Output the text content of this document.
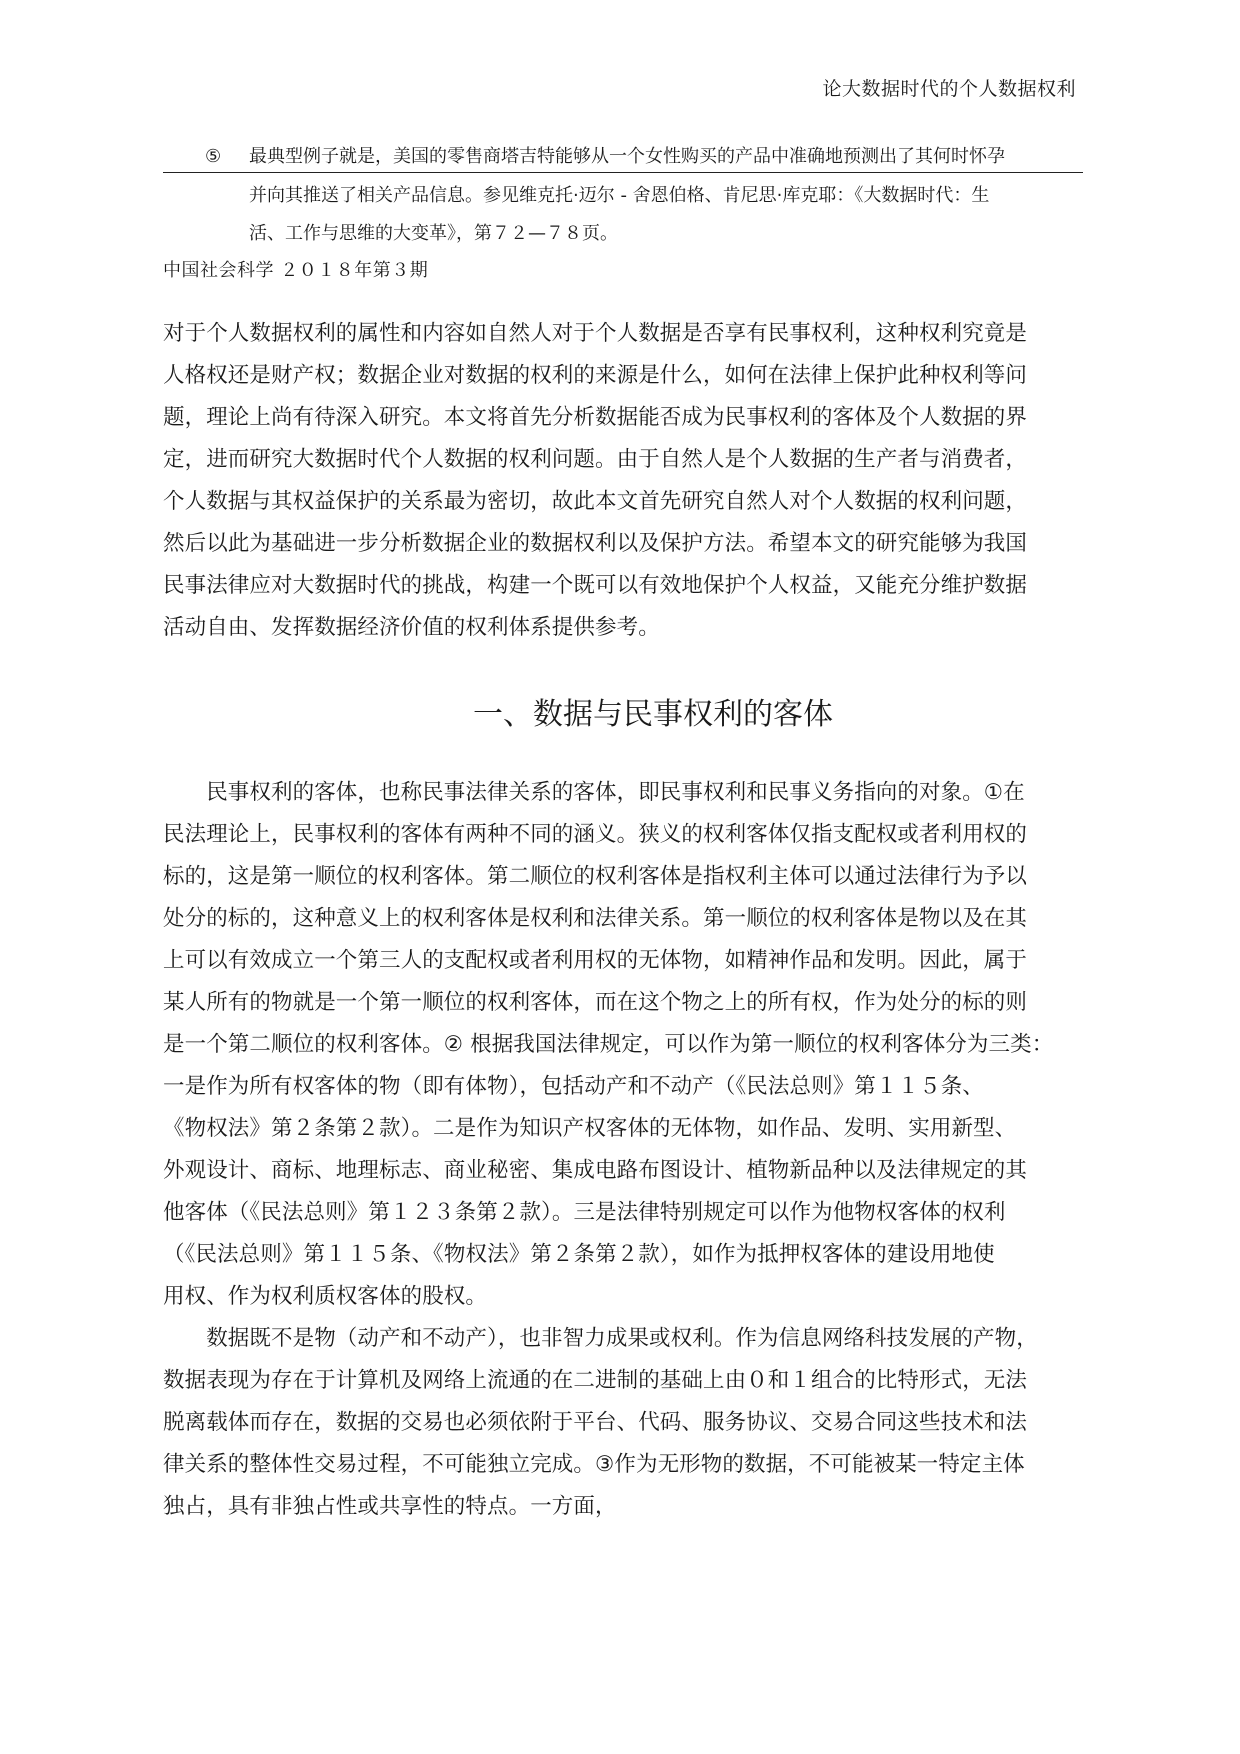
论大数据时代的个人数据权利
⑤ 最典型例子就是，美国的零售商塔吉特能够从一个女性购买的产品中准确地预测出了其何时怀孕
并向其推送了相关产品信息。参见维克托·迈尔 - 舍恩伯格、肯尼思·库克耶：《大数据时代：生
活、工作与思维的大变革》，第７２—７８页。
中国社会科学 ２０１８年第３期
对于个人数据权利的属性和内容如自然人对于个人数据是否享有民事权利，这种权利究竟是
人格权还是财产权；数据企业对数据的权利的来源是什么，如何在法律上保护此种权利等问
题，理论上尚有待深入研究。本文将首先分析数据能否成为民事权利的客体及个人数据的界
定，进而研究大数据时代个人数据的权利问题。由于自然人是个人数据的生产者与消费者，
个人数据与其权益保护的关系最为密切，故此本文首先研究自然人对个人数据的权利问题，
然后以此为基础进一步分析数据企业的数据权利以及保护方法。希望本文的研究能够为我国
民事法律应对大数据时代的挑战，构建一个既可以有效地保护个人权益，又能充分维护数据
活动自由、发挥数据经济价值的权利体系提供参考。
一、数据与民事权利的客体
　　民事权利的客体，也称民事法律关系的客体，即民事权利和民事义务指向的对象。①在
民法理论上，民事权利的客体有两种不同的涵义。狭义的权利客体仅指支配权或者利用权的
标的，这是第一顺位的权利客体。第二顺位的权利客体是指权利主体可以通过法律行为予以
处分的标的，这种意义上的权利客体是权利和法律关系。第一顺位的权利客体是物以及在其
上可以有效成立一个第三人的支配权或者利用权的无体物，如精神作品和发明。因此，属于
某人所有的物就是一个第一顺位的权利客体，而在这个物之上的所有权，作为处分的标的则
是一个第二顺位的权利客体。② 根据我国法律规定，可以作为第一顺位的权利客体分为三类：
一是作为所有权客体的物（即有体物），包括动产和不动产（《民法总则》第１１５条、
《物权法》第２条第２款）。二是作为知识产权客体的无体物，如作品、发明、实用新型、
外观设计、商标、地理标志、商业秘密、集成电路布图设计、植物新品种以及法律规定的其
他客体（《民法总则》第１２３条第２款）。三是法律特别规定可以作为他物权客体的权利
（《民法总则》第１１５条、《物权法》第２条第２款），如作为抵押权客体的建设用地使
用权、作为权利质权客体的股权。
　　数据既不是物（动产和不动产），也非智力成果或权利。作为信息网络科技发展的产物，
数据表现为存在于计算机及网络上流通的在二进制的基础上由０和１组合的比特形式，无法
脱离载体而存在，数据的交易也必须依附于平台、代码、服务协议、交易合同这些技术和法
律关系的整体性交易过程，不可能独立完成。③作为无形物的数据，不可能被某一特定主体
独占，具有非独占性或共享性的特点。一方面，
